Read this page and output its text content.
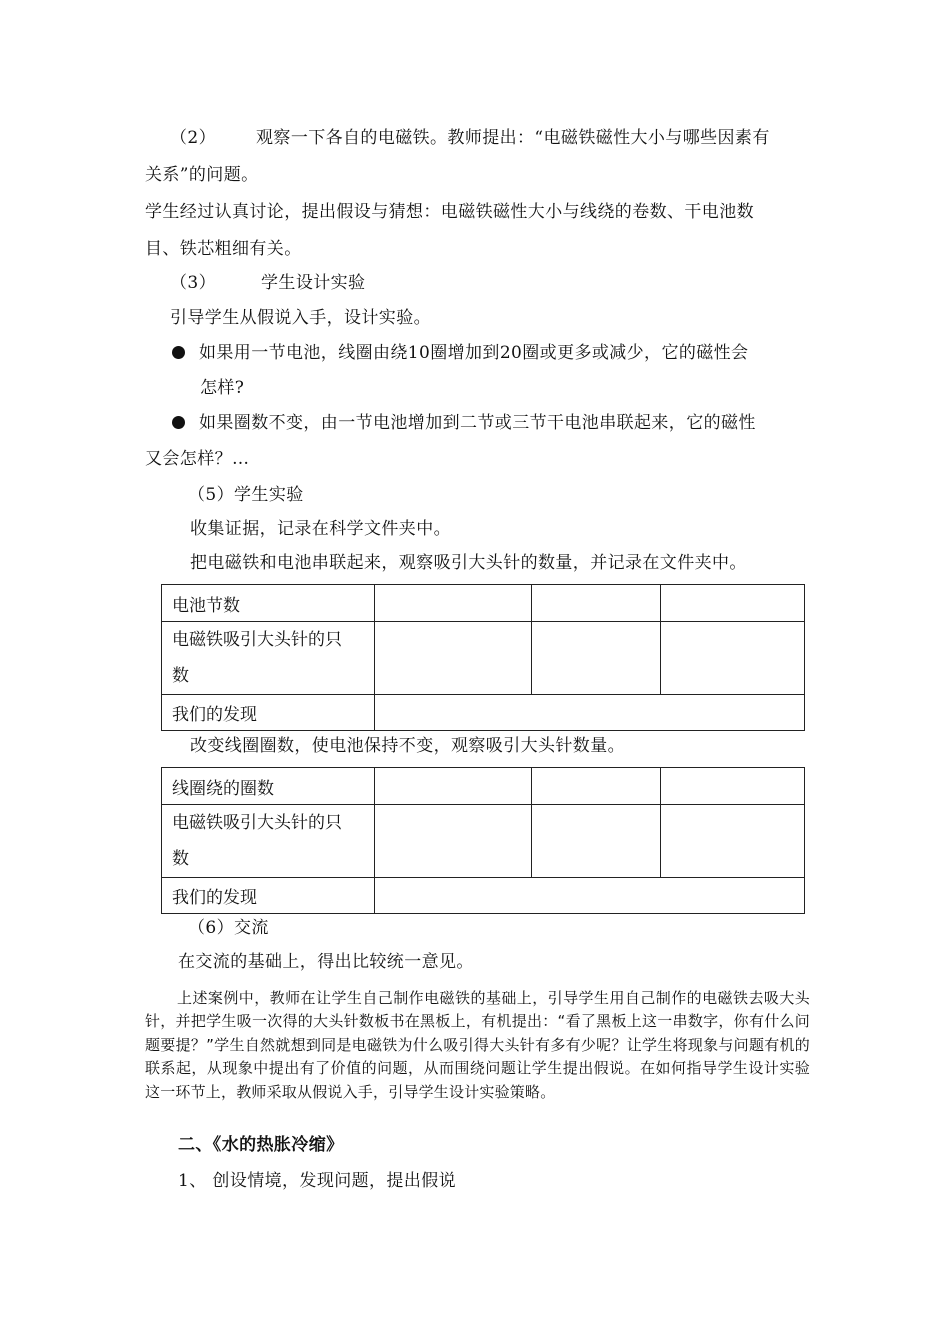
（2） 观察一下各自的电磁铁。教师提出：“电磁铁磁性大小与哪些因素有
关系”的问题。
学生经过认真讨论，提出假设与猜想：电磁铁磁性大小与线绕的卷数、干电池数
目、铁芯粗细有关。
（3）	学生设计实验
引导学生从假说入手，设计实验。
如果用一节电池，线圈由绕10圈增加到20圈或更多或减少，它的磁性会
怎样?
如果圈数不变，由一节电池增加到二节或三节干电池串联起来，它的磁性
又会怎样？…
（5）学生实验
收集证据，记录在科学文件夹中。
把电磁铁和电池串联起来，观察吸引大头针的数量，并记录在文件夹中。
电池节数			
电磁铁吸引大头针的只
数			
我们的发现			
改变线圈圈数，使电池保持不变，观察吸引大头针数量。
线圈绕的圈数			
电磁铁吸引大头针的只
数			
我们的发现			
（6）交流
在交流的基础上，得出比较统一意见。
上述案例中，教师在让学生自己制作电磁铁的基础上，引导学生用自己制作的电磁铁去吸大头针，并把学生吸一次得的大头针数板书在黑板上，有机提出：“看了黑板上这一串数字，你有什么问题要提？”学生自然就想到同是电磁铁为什么吸引得大头针有多有少呢？让学生将现象与问题有机的联系起，从现象中提出有了价值的问题，从而围绕问题让学生提出假说。在如何指导学生设计实验这一环节上，教师采取从假说入手，引导学生设计实验策略。
二、《水的热胀冷缩》
1、 创设情境，发现问题，提出假说
